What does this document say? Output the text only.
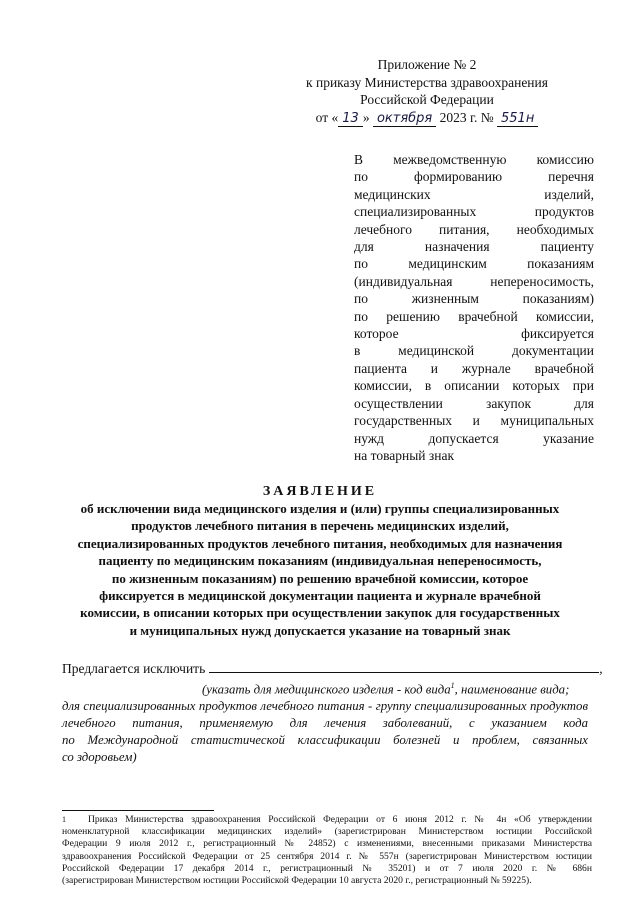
Приложение № 2
к приказу Министерства здравоохранения
Российской Федерации
от « 13 » октября 2023 г. № 551н
В межведомственную комиссию
по формированию перечня
медицинских изделий,
специализированных продуктов
лечебного питания, необходимых
для назначения пациенту
по медицинским показаниям
(индивидуальная непереносимость,
по жизненным показаниям)
по решению врачебной комиссии,
которое фиксируется
в медицинской документации
пациента и журнале врачебной
комиссии, в описании которых при
осуществлении закупок для
государственных и муниципальных
нужд допускается указание
на товарный знак
ЗАЯВЛЕНИЕ
об исключении вида медицинского изделия и (или) группы специализированных
продуктов лечебного питания в перечень медицинских изделий,
специализированных продуктов лечебного питания, необходимых для назначения
пациенту по медицинским показаниям (индивидуальная непереносимость,
по жизненным показаниям) по решению врачебной комиссии, которое
фиксируется в медицинской документации пациента и журнале врачебной
комиссии, в описании которых при осуществлении закупок для государственных
и муниципальных нужд допускается указание на товарный знак
Предлагается исключить	,
(указать для медицинского изделия - код вида$^1$, наименование вида;
для специализированных продуктов лечебного питания - группу специализированных продуктов
лечебного питания, применяемую для лечения заболеваний, с указанием кода
по Международной статистической классификации болезней и проблем, связанных
со здоровьем)
1 Приказ Министерства здравоохранения Российской Федерации от 6 июня 2012 г. № 4н «Об утверждении
номенклатурной классификации медицинских изделий» (зарегистрирован Министерством юстиции Российской
Федерации 9 июля 2012 г., регистрационный № 24852) с изменениями, внесенными приказами Министерства
здравоохранения Российской Федерации от 25 сентября 2014 г. № 557н (зарегистрирован Министерством юстиции
Российской Федерации 17 декабря 2014 г., регистрационный № 35201) и от 7 июля 2020 г. № 686н
(зарегистрирован Министерством юстиции Российской Федерации 10 августа 2020 г., регистрационный № 59225).
